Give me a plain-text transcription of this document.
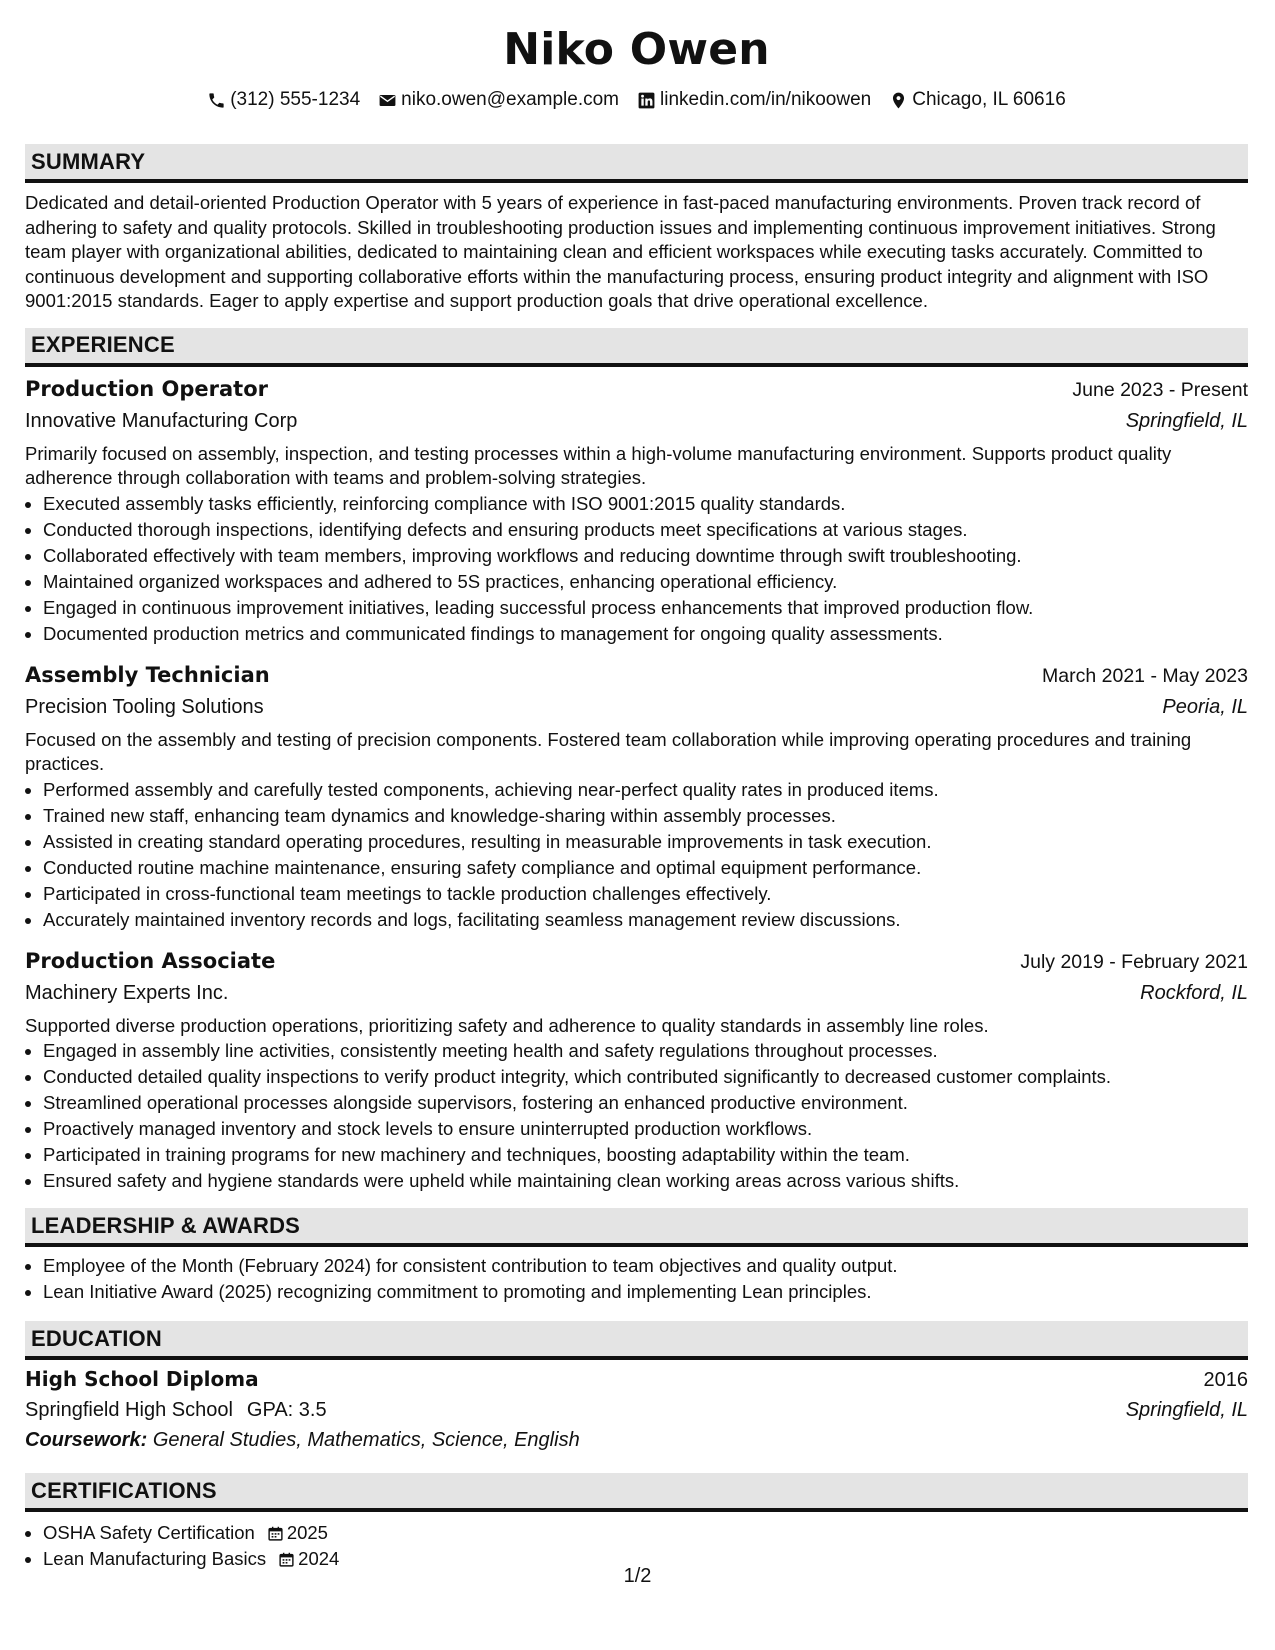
Niko Owen
(312) 555-1234 niko.owen@example.com linkedin.com/in/nikoowen Chicago, IL 60616
SUMMARY
Dedicated and detail-oriented Production Operator with 5 years of experience in fast-paced manufacturing environments. Proven track record of adhering to safety and quality protocols. Skilled in troubleshooting production issues and implementing continuous improvement initiatives. Strong team player with organizational abilities, dedicated to maintaining clean and efficient workspaces while executing tasks accurately. Committed to continuous development and supporting collaborative efforts within the manufacturing process, ensuring product integrity and alignment with ISO 9001:2015 standards. Eager to apply expertise and support production goals that drive operational excellence.
EXPERIENCE
Production Operator	June 2023 - Present
Innovative Manufacturing Corp	Springfield, IL
Primarily focused on assembly, inspection, and testing processes within a high-volume manufacturing environment. Supports product quality adherence through collaboration with teams and problem-solving strategies.
• Executed assembly tasks efficiently, reinforcing compliance with ISO 9001:2015 quality standards.
• Conducted thorough inspections, identifying defects and ensuring products meet specifications at various stages.
• Collaborated effectively with team members, improving workflows and reducing downtime through swift troubleshooting.
• Maintained organized workspaces and adhered to 5S practices, enhancing operational efficiency.
• Engaged in continuous improvement initiatives, leading successful process enhancements that improved production flow.
• Documented production metrics and communicated findings to management for ongoing quality assessments.
Assembly Technician	March 2021 - May 2023
Precision Tooling Solutions	Peoria, IL
Focused on the assembly and testing of precision components. Fostered team collaboration while improving operating procedures and training practices.
• Performed assembly and carefully tested components, achieving near-perfect quality rates in produced items.
• Trained new staff, enhancing team dynamics and knowledge-sharing within assembly processes.
• Assisted in creating standard operating procedures, resulting in measurable improvements in task execution.
• Conducted routine machine maintenance, ensuring safety compliance and optimal equipment performance.
• Participated in cross-functional team meetings to tackle production challenges effectively.
• Accurately maintained inventory records and logs, facilitating seamless management review discussions.
Production Associate	July 2019 - February 2021
Machinery Experts Inc.	Rockford, IL
Supported diverse production operations, prioritizing safety and adherence to quality standards in assembly line roles.
• Engaged in assembly line activities, consistently meeting health and safety regulations throughout processes.
• Conducted detailed quality inspections to verify product integrity, which contributed significantly to decreased customer complaints.
• Streamlined operational processes alongside supervisors, fostering an enhanced productive environment.
• Proactively managed inventory and stock levels to ensure uninterrupted production workflows.
• Participated in training programs for new machinery and techniques, boosting adaptability within the team.
• Ensured safety and hygiene standards were upheld while maintaining clean working areas across various shifts.
LEADERSHIP & AWARDS
• Employee of the Month (February 2024) for consistent contribution to team objectives and quality output.
• Lean Initiative Award (2025) recognizing commitment to promoting and implementing Lean principles.
EDUCATION
High School Diploma	2016
Springfield High School GPA: 3.5	Springfield, IL
Coursework: General Studies, Mathematics, Science, English
CERTIFICATIONS
• OSHA Safety Certification 2025
• Lean Manufacturing Basics 2024
1/2
